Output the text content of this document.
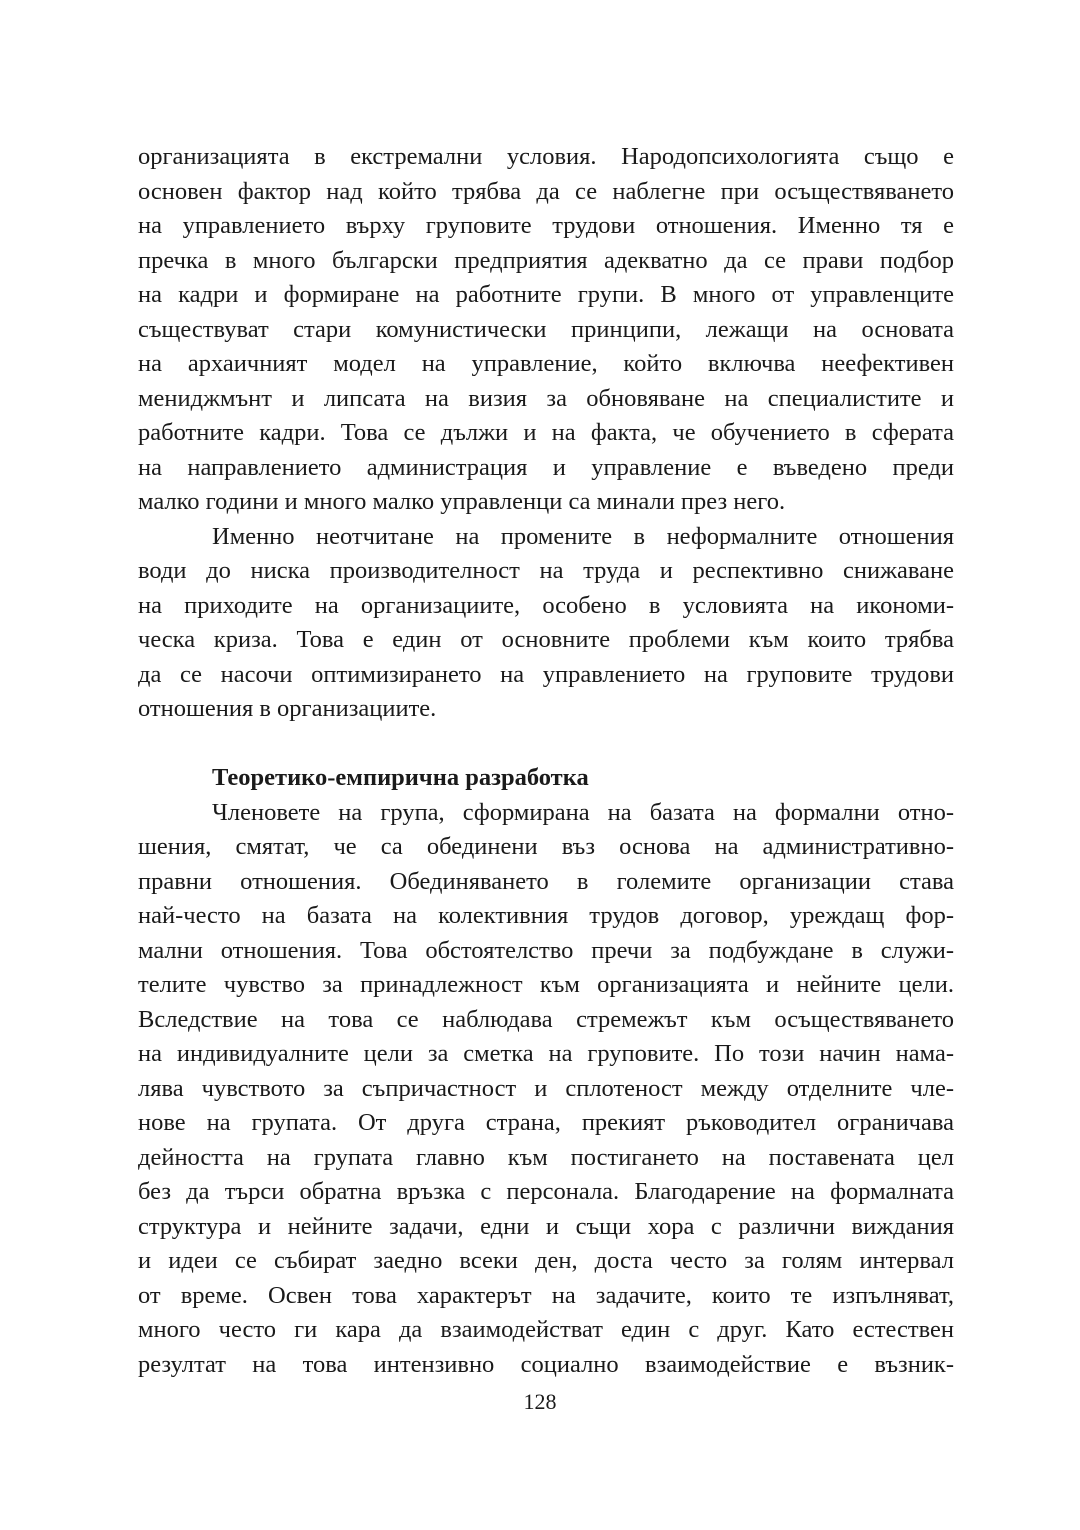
организацията в екстремални условия. Народопсихологията също е
основен фактор над който трябва да се наблегне при осъществяването
на управлението върху груповите трудови отношения. Именно тя е
пречка в много български предприятия адекватно да се прави подбор
на кадри и формиране на работните групи. В много от управленците
съществуват стари комунистически принципи, лежащи на основата
на архаичният модел на управление, който включва неефективен
мениджмънт и липсата на визия за обновяване на специалистите и
работните кадри. Това се дължи и на факта, че обучението в сферата
на направлението администрация и управление е въведено преди
малко години и много малко управленци са минали през него.
Именно неотчитане на промените в неформалните отношения
води до ниска производителност на труда и респективно снижаване
на приходите на организациите, особено в условията на икономи-
ческа криза. Това е един от основните проблеми към които трябва
да се насочи оптимизирането на управлението на груповите трудови
отношения в организациите.
Теоретико-емпирична разработка
Членовете на група, сформирана на базата на формални отно-
шения, смятат, че са обединени въз основа на административно-
правни отношения. Обединяването в големите организации става
най-често на базата на колективния трудов договор, уреждащ фор-
мални отношения. Това обстоятелство пречи за подбуждане в служи-
телите чувство за принадлежност към организацията и нейните цели.
Вследствие на това се наблюдава стремежът към осъществяването
на индивидуалните цели за сметка на груповите. По този начин нама-
лява чувството за съпричастност и сплотеност между отделните чле-
нове на групата. От друга страна, прекият ръководител ограничава
дейността на групата главно към постигането на поставената цел
без да търси обратна връзка с персонала. Благодарение на формалната
структура и нейните задачи, едни и същи хора с различни виждания
и идеи се събират заедно всеки ден, доста често за голям интервал
от време. Освен това характерът на задачите, които те изпълняват,
много често ги кара да взаимодействат един с друг. Като естествен
резултат на това интензивно социално взаимодействие е възник-
128
